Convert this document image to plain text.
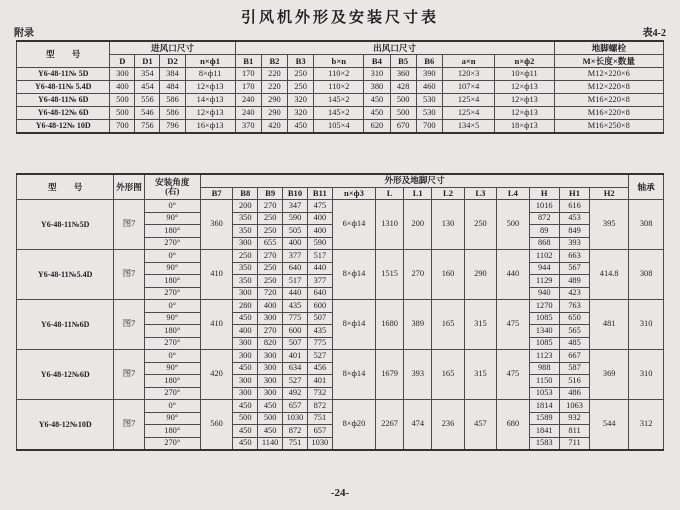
引风机外形及安装尺寸表
附录	表4-2
型　　号	进风口尺寸				出风口尺寸									地脚螺栓
	D	D1	D2	n×ф1	B1	B2	B3	b×n	B4	B5	B6	a×n	n×ф2	M×长度×数量
Y6-48-11№ 5D	300	354	384	8×ф11	170	220	250	110×2	310	360	390	120×3	10×ф11	M12×220×6
Y6-48-11№ 5.4D	400	454	484	12×ф13	170	220	250	110×2	380	428	460	107×4	12×ф13	M12×220×8
Y6-48-11№ 6D	500	556	586	14×ф13	240	290	320	145×2	450	500	530	125×4	12×ф13	M16×220×8
Y6-48-12№ 6D	500	546	586	12×ф13	240	290	320	145×2	450	500	530	125×4	12×ф13	M16×220×8
Y6-48-12№ 10D	700	756	796	16×ф13	370	420	450	105×4	620	670	700	134×5	18×ф13	M16×250×8
型　　号	外形图	安装角度
(右)	外形及地脚尺寸														轴承
			B7	B8	B9	B10	B11	n×ф3	L	L1	L2	L3	L4	H	H1	H2	
Y6-48-11№5D	图7	0°	360	200	270	347	475	6×ф14	1310	200	130	250	500	1016	616	395	308
		90°		350	250	590	400							872	453		
		180°		350	250	505	400							89	849		
		270°		300	655	400	590							868	393		
Y6-48-11№5.4D	图7	0°	410	250	270	377	517	8×ф14	1515	270	160	290	440	1102	663	414.8	308
		90°		350	250	640	440							944	567		
		180°		350	250	517	377							1129	489		
		270°		300	720	440	640							940	423		
Y6-48-11№6D	图7	0°	410	280	400	435	600	8×ф14	1680	389	165	315	475	1270	763	481	310
		90°		450	300	775	507							1085	650		
		180°		400	270	600	435							1340	565		
		270°		300	820	507	775							1085	485		
Y6-48-12№6D	图7	0°	420	300	300	401	527	8×ф14	1679	393	165	315	475	1123	667	369	310
		90°		450	300	634	456							988	587		
		180°		300	300	527	401							1150	516		
		270°		300	300	492	732							1053	486		
Y6-48-12№10D	图7	0°	560	450	450	657	872	8×ф20	2267	474	236	457	680	1814	1063	544	312
		90°		500	500	1030	751							1589	932		
		180°		450	450	872	657							1841	811		
		270°		450	1140	751	1030							1583	711		
-24-
